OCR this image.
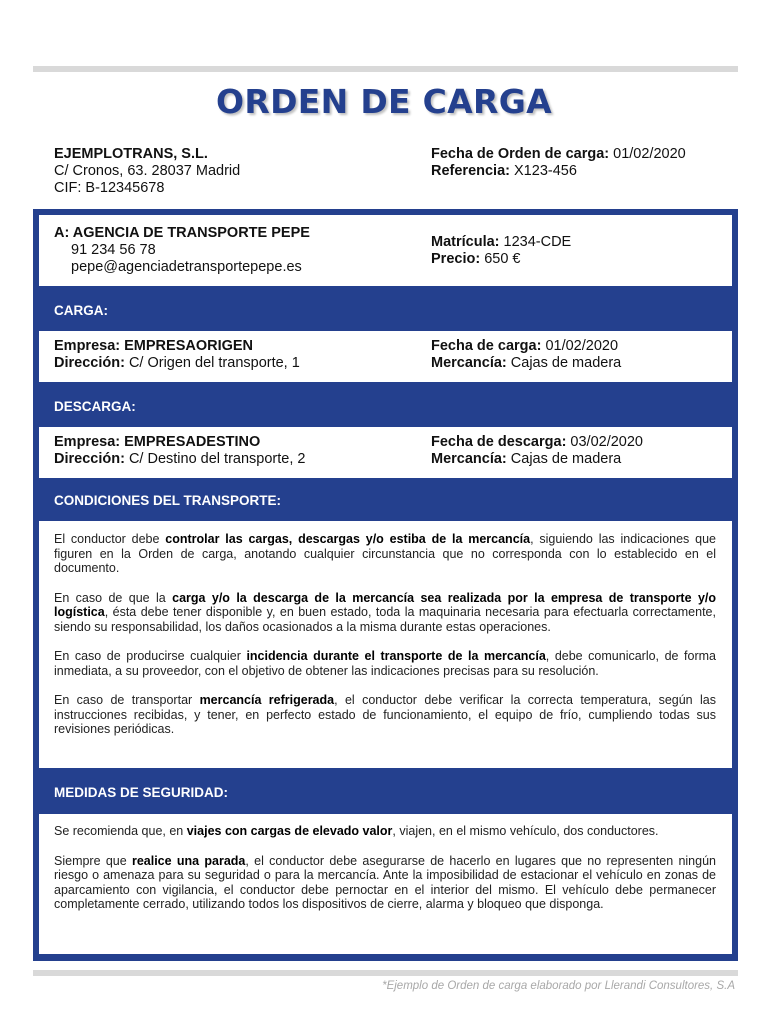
ORDEN DE CARGA
EJEMPLOTRANS, S.L.
C/ Cronos, 63. 28037 Madrid
CIF: B-12345678
Fecha de Orden de carga: 01/02/2020
Referencia: X123-456
A: AGENCIA DE TRANSPORTE PEPE
91 234 56 78
pepe@agenciadetransportepepe.es
Matrícula: 1234-CDE
Precio: 650 €
CARGA:
Empresa: EMPRESAORIGEN
Dirección: C/ Origen del transporte, 1
Fecha de carga: 01/02/2020
Mercancía: Cajas de madera
DESCARGA:
Empresa: EMPRESADESTINO
Dirección: C/ Destino del transporte, 2
Fecha de descarga: 03/02/2020
Mercancía: Cajas de madera
CONDICIONES DEL TRANSPORTE:

El conductor debe controlar las cargas, descargas y/o estiba de la mercancía, siguiendo las indicaciones que figuren en la Orden de carga, anotando cualquier circunstancia que no corresponda con lo establecido en el documento.

En caso de que la carga y/o la descarga de la mercancía sea realizada por la empresa de transporte y/o logística, ésta debe tener disponible y, en buen estado, toda la maquinaria necesaria para efectuarla correctamente, siendo su responsabilidad, los daños ocasionados a la misma durante estas operaciones.

En caso de producirse cualquier incidencia durante el transporte de la mercancía, debe comunicarlo, de forma inmediata, a su proveedor, con el objetivo de obtener las indicaciones precisas para su resolución.

En caso de transportar mercancía refrigerada, el conductor debe verificar la correcta temperatura, según las instrucciones recibidas, y tener, en perfecto estado de funcionamiento, el equipo de frío, cumpliendo todas sus revisiones periódicas.

MEDIDAS DE SEGURIDAD:

Se recomienda que, en viajes con cargas de elevado valor, viajen, en el mismo vehículo, dos conductores.

Siempre que realice una parada, el conductor debe asegurarse de hacerlo en lugares que no representen ningún riesgo o amenaza para su seguridad o para la mercancía. Ante la imposibilidad de estacionar el vehículo en zonas de aparcamiento con vigilancia, el conductor debe pernoctar en el interior del mismo. El vehículo debe permanecer completamente cerrado, utilizando todos los dispositivos de cierre, alarma y bloqueo que disponga.

*Ejemplo de Orden de carga elaborado por Llerandi Consultores, S.A
